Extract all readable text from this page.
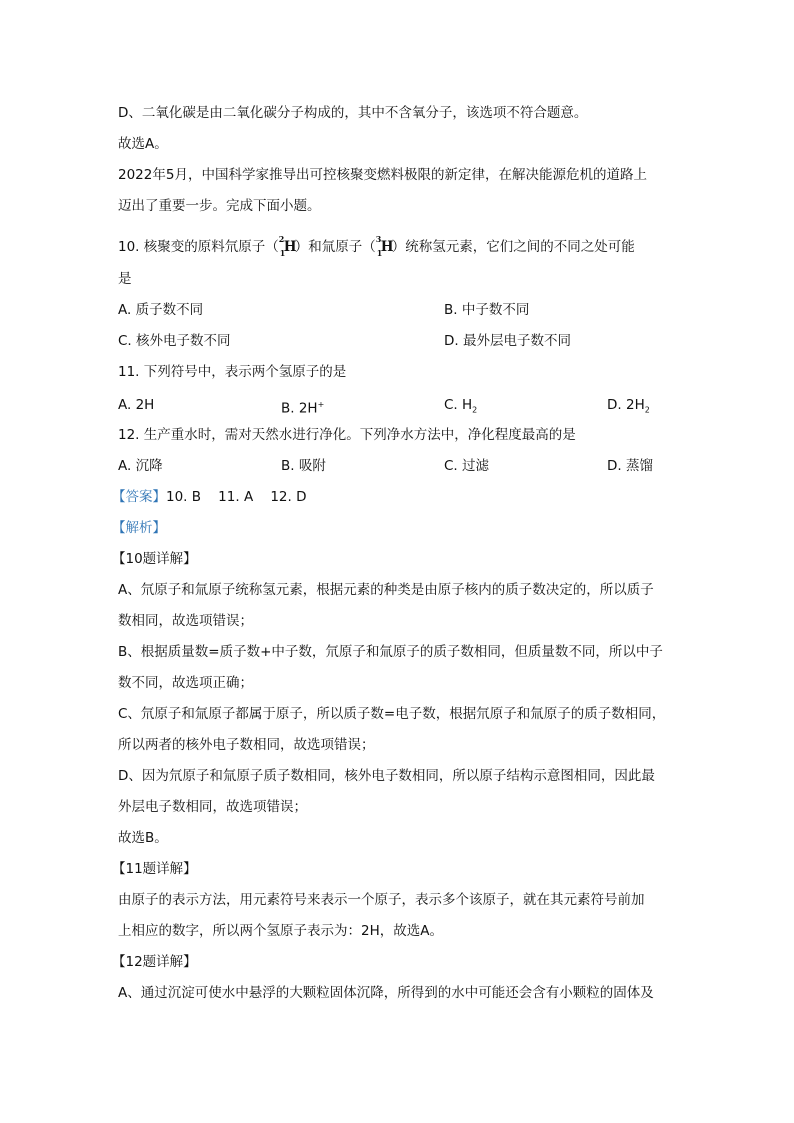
D、二氧化碳是由二氧化碳分子构成的，其中不含氧分子，该选项不符合题意。
故选A。
2022年5月，中国科学家推导出可控核聚变燃料极限的新定律，在解决能源危机的道路上
迈出了重要一步。完成下面小题。
10. 核聚变的原料氘原子（ 2
1
H）和氚原子（ 3
1
H）统称氢元素，它们之间的不同之处可能
是
A. 质子数不同	B. 中子数不同
C. 核外电子数不同	D. 最外层电子数不同
11. 下列符号中，表示两个氢原子的是
A. 2H	B. 2H+	C. $H_2$	D. $2H_2$
12. 生产重水时，需对天然水进行净化。下列净水方法中，净化程度最高的是
A. 沉降	B. 吸附	C. 过滤	D. 蒸馏
【答案】10. B    11. A    12. D
【解析】
【10题详解】
A、氘原子和氚原子统称氢元素，根据元素的种类是由原子核内的质子数决定的，所以质子
数相同，故选项错误；
B、根据质量数=质子数+中子数，氘原子和氚原子的质子数相同，但质量数不同，所以中子
数不同，故选项正确；
C、氘原子和氚原子都属于原子，所以质子数=电子数，根据氘原子和氚原子的质子数相同，
所以两者的核外电子数相同，故选项错误；
D、因为氘原子和氚原子质子数相同，核外电子数相同，所以原子结构示意图相同，因此最
外层电子数相同，故选项错误；
故选B。
【11题详解】
由原子的表示方法，用元素符号来表示一个原子，表示多个该原子，就在其元素符号前加
上相应的数字，所以两个氢原子表示为：2H，故选A。
【12题详解】
A、通过沉淀可使水中悬浮的大颗粒固体沉降，所得到的水中可能还会含有小颗粒的固体及
